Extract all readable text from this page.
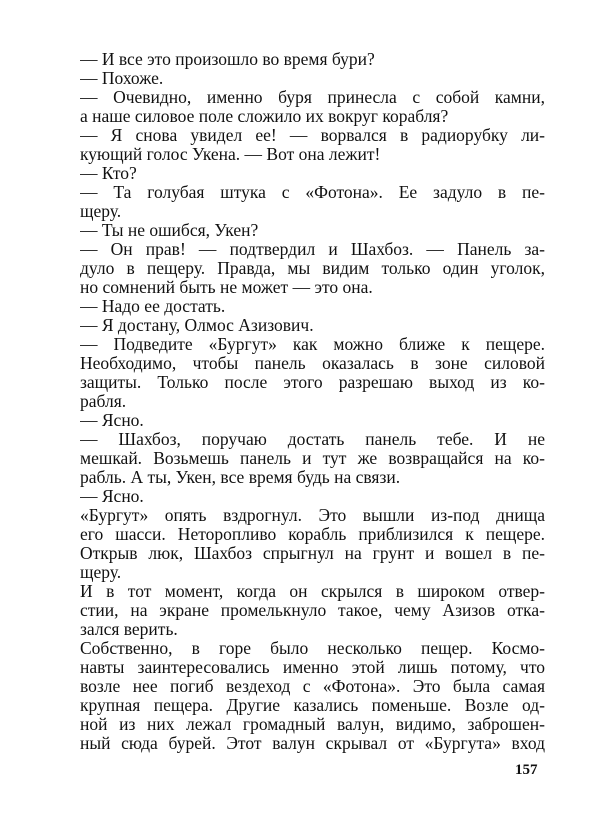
— И все это произошло во время бури?
— Похоже.
— Очевидно, именно буря принесла с собой камни,
а наше силовое поле сложило их вокруг корабля?
— Я снова увидел ее! — ворвался в радиорубку ли-
кующий голос Укена. — Вот она лежит!
— Кто?
— Та голубая штука с «Фотона». Ее задуло в пе-
щеру.
— Ты не ошибся, Укен?
— Он прав! — подтвердил и Шахбоз. — Панель за-
дуло в пещеру. Правда, мы видим только один уголок,
но сомнений быть не может — это она.
— Надо ее достать.
— Я достану, Олмос Азизович.
— Подведите «Бургут» как можно ближе к пещере.
Необходимо, чтобы панель оказалась в зоне силовой
защиты. Только после этого разрешаю выход из ко-
рабля.
— Ясно.
— Шахбоз, поручаю достать панель тебе. И не
мешкай. Возьмешь панель и тут же возвращайся на ко-
рабль. А ты, Укен, все время будь на связи.
— Ясно.
«Бургут» опять вздрогнул. Это вышли из-под днища
его шасси. Неторопливо корабль приблизился к пещере.
Открыв люк, Шахбоз спрыгнул на грунт и вошел в пе-
щеру.
И в тот момент, когда он скрылся в широком отвер-
стии, на экране промелькнуло такое, чему Азизов отка-
зался верить.
Собственно, в горе было несколько пещер. Космо-
навты заинтересовались именно этой лишь потому, что
возле нее погиб вездеход с «Фотона». Это была самая
крупная пещера. Другие казались поменьше. Возле од-
ной из них лежал громадный валун, видимо, заброшен-
ный сюда бурей. Этот валун скрывал от «Бургута» вход
157
